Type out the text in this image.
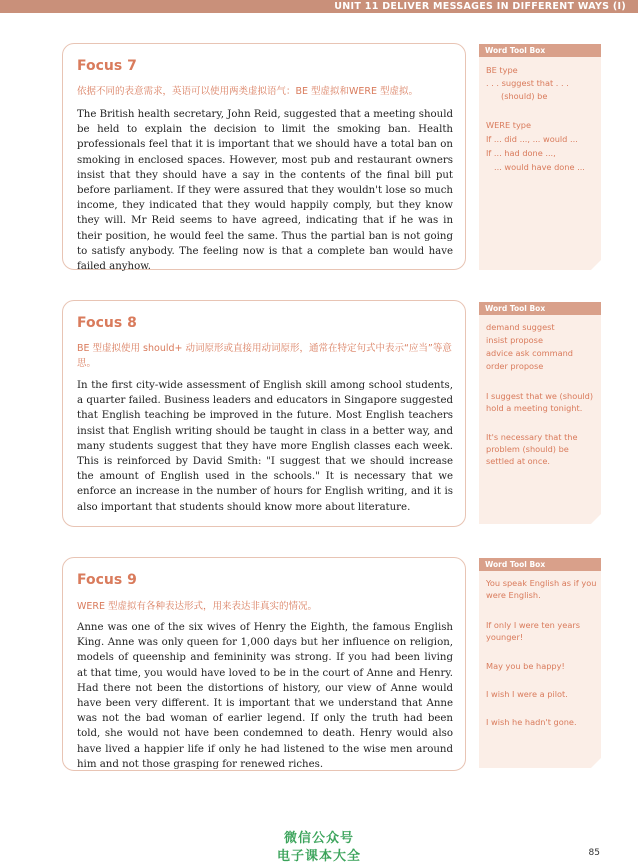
UNIT 11 DELIVER MESSAGES IN DIFFERENT WAYS (I)
Focus 7
依据不同的表意需求，英语可以使用两类虚拟语气：BE 型虚拟和WERE 型虚拟。
The British health secretary, John Reid, suggested that a meeting should be held to explain the decision to limit the smoking ban. Health professionals feel that it is important that we should have a total ban on smoking in enclosed spaces. However, most pub and restaurant owners insist that they should have a say in the contents of the final bill put before parliament. If they were assured that they wouldn't lose so much income, they indicated that they would happily comply, but they know they will. Mr Reid seems to have agreed, indicating that if he was in their position, he would feel the same. Thus the partial ban is not going to satisfy anybody. The feeling now is that a complete ban would have failed anyhow.
Word Tool Box
BE type
. . . suggest that . . .
(should) be
WERE type
If ... did ..., ... would ...
If ... had done ...,
... would have done ...
Focus 8
BE 型虚拟使用 should+ 动词原形或直接用动词原形，通常在特定句式中表示“应当”等意思。
In the first city-wide assessment of English skill among school students, a quarter failed. Business leaders and educators in Singapore suggested that English teaching be improved in the future. Most English teachers insist that English writing should be taught in class in a better way, and many students suggest that they have more English classes each week. This is reinforced by David Smith: "I suggest that we should increase the amount of English used in the schools." It is necessary that we enforce an increase in the number of hours for English writing, and it is also important that students should know more about literature.
Word Tool Box
demand suggest
insist propose
advice ask command
order propose
I suggest that we (should) hold a meeting tonight.
It's necessary that the problem (should) be settled at once.
Focus 9
WERE 型虚拟有各种表达形式，用来表达非真实的情况。
Anne was one of the six wives of Henry the Eighth, the famous English King. Anne was only queen for 1,000 days but her influence on religion, models of queenship and femininity was strong. If you had been living at that time, you would have loved to be in the court of Anne and Henry. Had there not been the distortions of history, our view of Anne would have been very different. It is important that we understand that Anne was not the bad woman of earlier legend. If only the truth had been told, she would not have been condemned to death. Henry would also have lived a happier life if only he had listened to the wise men around him and not those grasping for renewed riches.
Word Tool Box
You speak English as if you were English.
If only I were ten years younger!
May you be happy!
I wish I were a pilot.
I wish he hadn't gone.
微信公众号
电子课本大全	85
